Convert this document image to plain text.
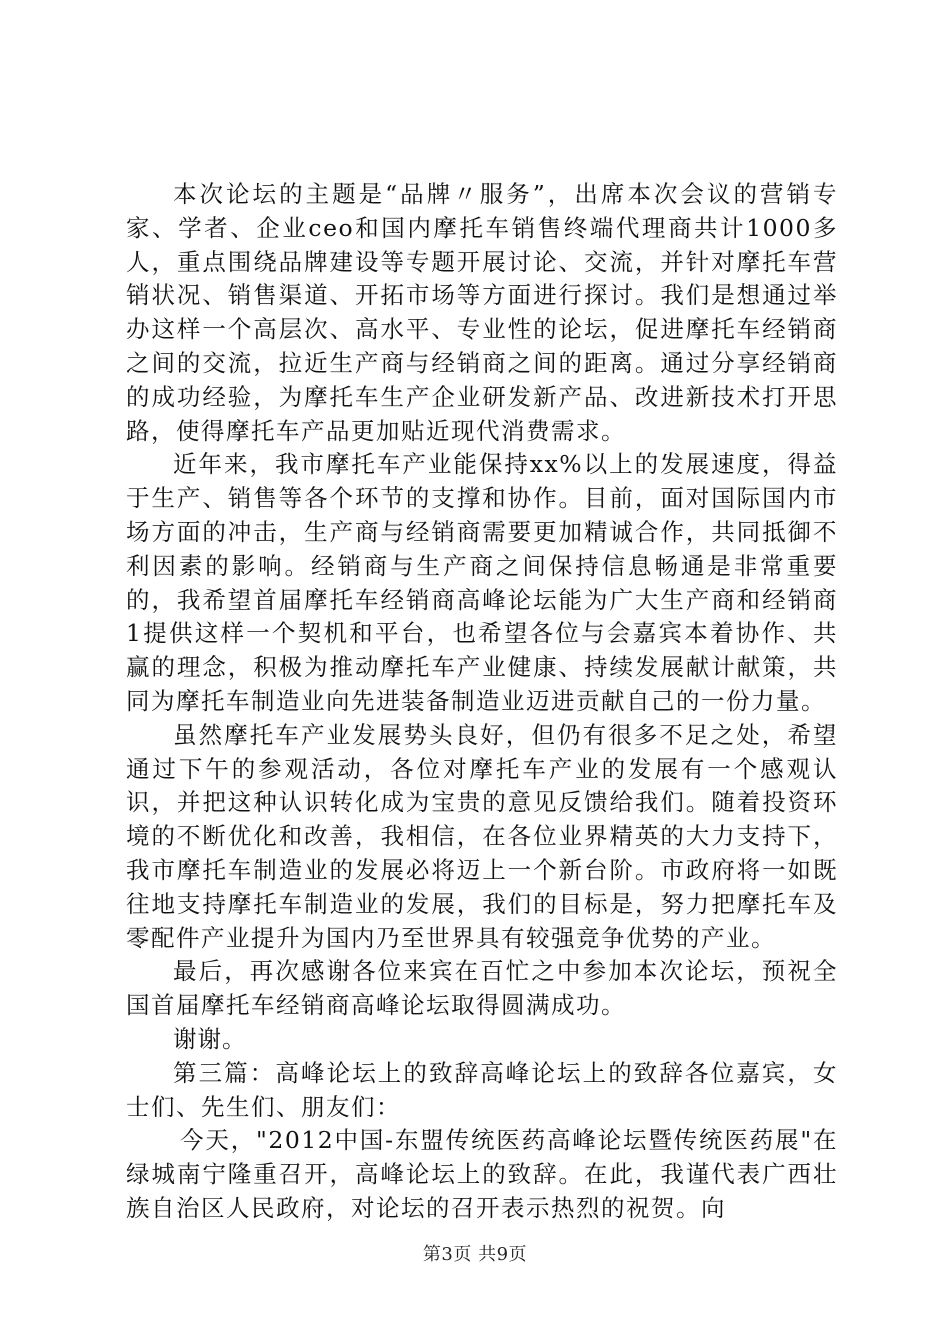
本次论坛的主题是“品牌〃服务”，出席本次会议的营销专家、学者、企业ceo和国内摩托车销售终端代理商共计1000多人，重点围绕品牌建设等专题开展讨论、交流，并针对摩托车营销状况、销售渠道、开拓市场等方面进行探讨。我们是想通过举办这样一个高层次、高水平、专业性的论坛，促进摩托车经销商之间的交流，拉近生产商与经销商之间的距离。通过分享经销商的成功经验，为摩托车生产企业研发新产品、改进新技术打开思路，使得摩托车产品更加贴近现代消费需求。

近年来，我市摩托车产业能保持xx%以上的发展速度，得益于生产、销售等各个环节的支撑和协作。目前，面对国际国内市场方面的冲击，生产商与经销商需要更加精诚合作，共同抵御不利因素的影响。经销商与生产商之间保持信息畅通是非常重要的，我希望首届摩托车经销商高峰论坛能为广大生产商和经销商1提供这样一个契机和平台，也希望各位与会嘉宾本着协作、共赢的理念，积极为推动摩托车产业健康、持续发展献计献策，共同为摩托车制造业向先进装备制造业迈进贡献自己的一份力量。

虽然摩托车产业发展势头良好，但仍有很多不足之处，希望通过下午的参观活动，各位对摩托车产业的发展有一个感观认识，并把这种认识转化成为宝贵的意见反馈给我们。随着投资环境的不断优化和改善，我相信，在各位业界精英的大力支持下，我市摩托车制造业的发展必将迈上一个新台阶。市政府将一如既往地支持摩托车制造业的发展，我们的目标是，努力把摩托车及零配件产业提升为国内乃至世界具有较强竞争优势的产业。

最后，再次感谢各位来宾在百忙之中参加本次论坛，预祝全国首届摩托车经销商高峰论坛取得圆满成功。

谢谢。

第三篇：高峰论坛上的致辞高峰论坛上的致辞各位嘉宾，女士们、先生们、朋友们：

今天，"2012中国-东盟传统医药高峰论坛暨传统医药展"在绿城南宁隆重召开，高峰论坛上的致辞。在此，我谨代表广西壮族自治区人民政府，对论坛的召开表示热烈的祝贺。向

第3页 共9页
